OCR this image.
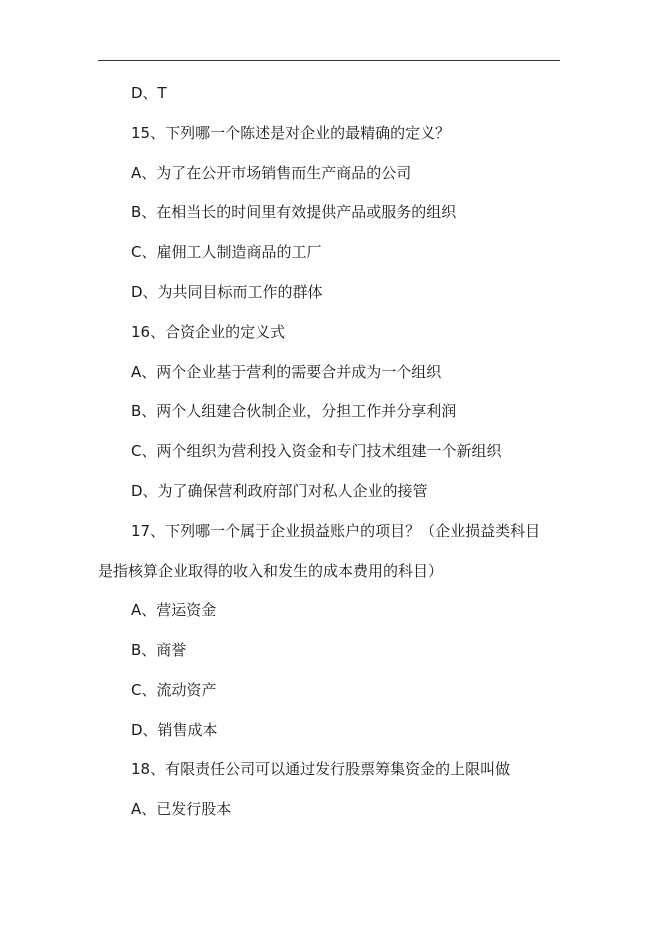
D、T
15、下列哪一个陈述是对企业的最精确的定义？
A、为了在公开市场销售而生产商品的公司
B、在相当长的时间里有效提供产品或服务的组织
C、雇佣工人制造商品的工厂
D、为共同目标而工作的群体
16、合资企业的定义式
A、两个企业基于营利的需要合并成为一个组织
B、两个人组建合伙制企业，分担工作并分享利润
C、两个组织为营利投入资金和专门技术组建一个新组织
D、为了确保营利政府部门对私人企业的接管
17、下列哪一个属于企业损益账户的项目？（企业损益类科目
是指核算企业取得的收入和发生的成本费用的科目）
A、营运资金
B、商誉
C、流动资产
D、销售成本
18、有限责任公司可以通过发行股票筹集资金的上限叫做
A、已发行股本
